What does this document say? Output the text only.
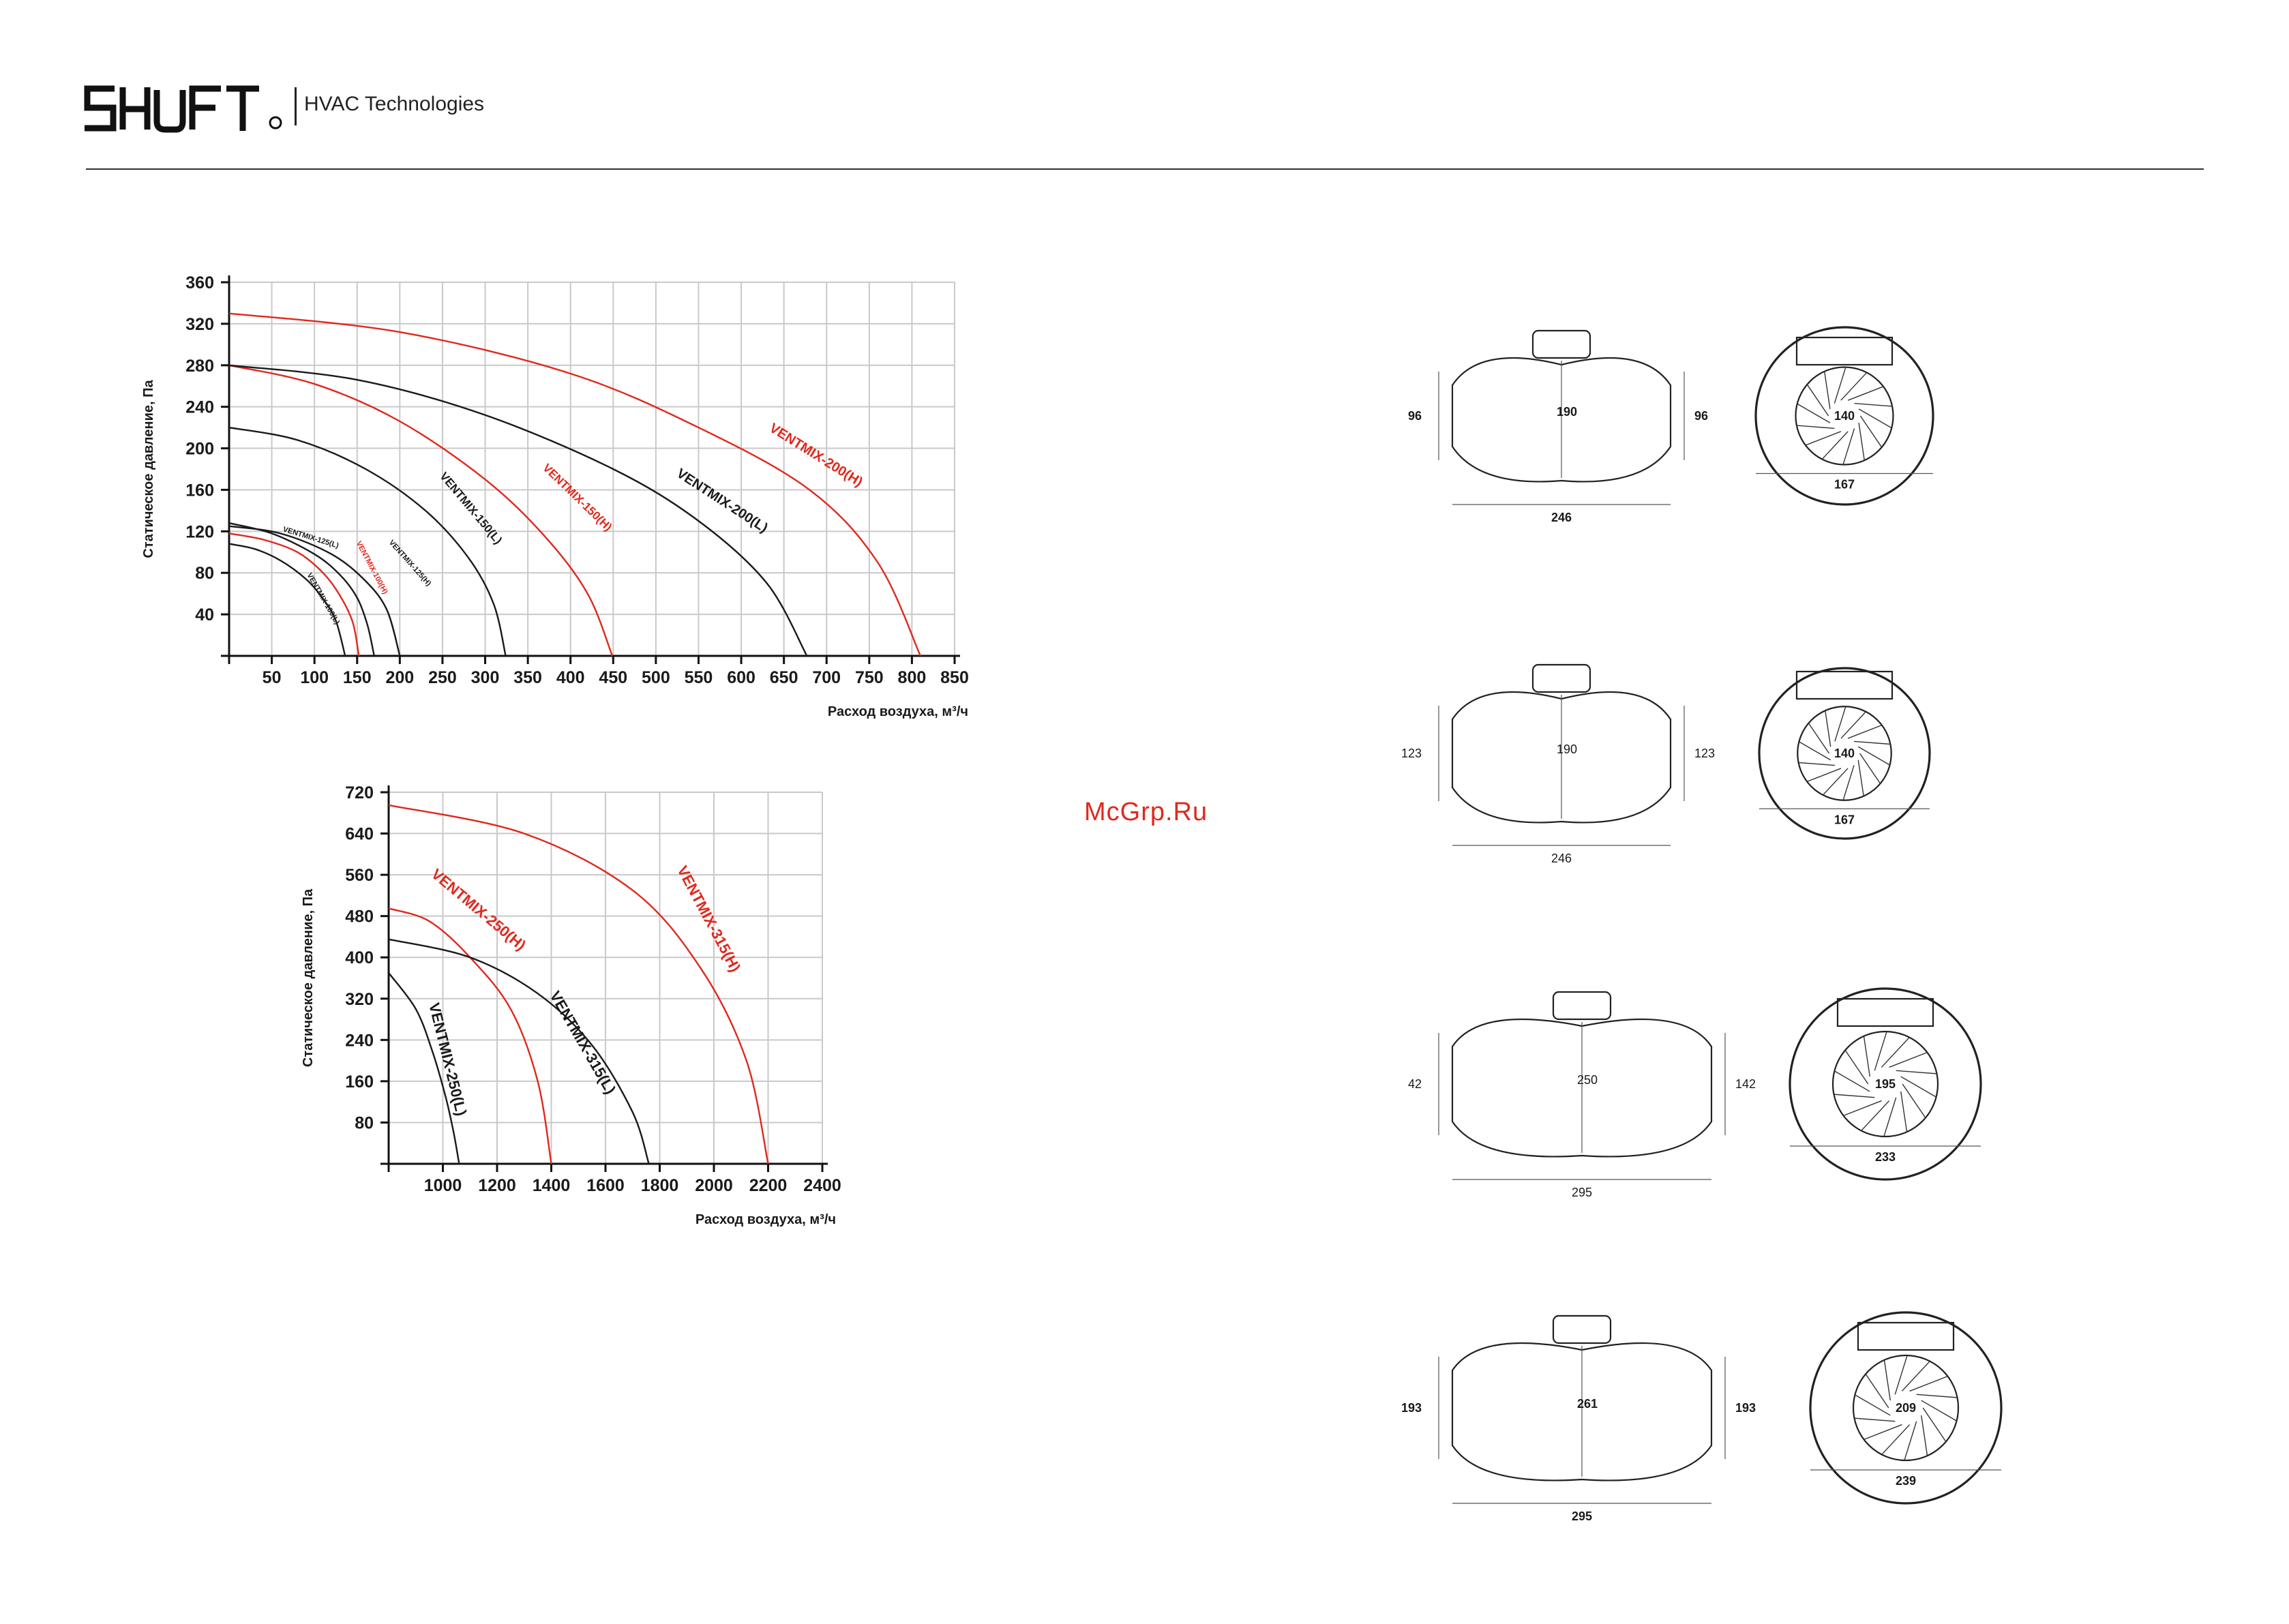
HVAC Technologies
40
80
120
160
200
240
280
320
360
50 100 150 200 250 300 350 400 450 500 550 600 650 700 750 800 850
Расход воздуха, м³/ч
Статическое давление, Па
VENTMIX-100(L)
VENTMIX-100(H)
VENTMIX-125(L)
VENTMIX-125(H)
VENTMIX-150(L)	VENTMIX-150(H)	VENTMIX-200(L)
VENTMIX-200(H)
80
160
240
320
400
480
560
640
720
1000 1200 1400 1600 1800 2000 2200 2400
Расход воздуха, м³/ч
Статическое давление, Па	VENTMIX-250(L)
VENTMIX-250(H)
VENTMIX-315(L)
VENTMIX-315(H)
McGrp.Ru
190
96	96
246
140
167
190
123	123
246
140
167
250
42	142
295
195
233
261
193	193
295
209
239
